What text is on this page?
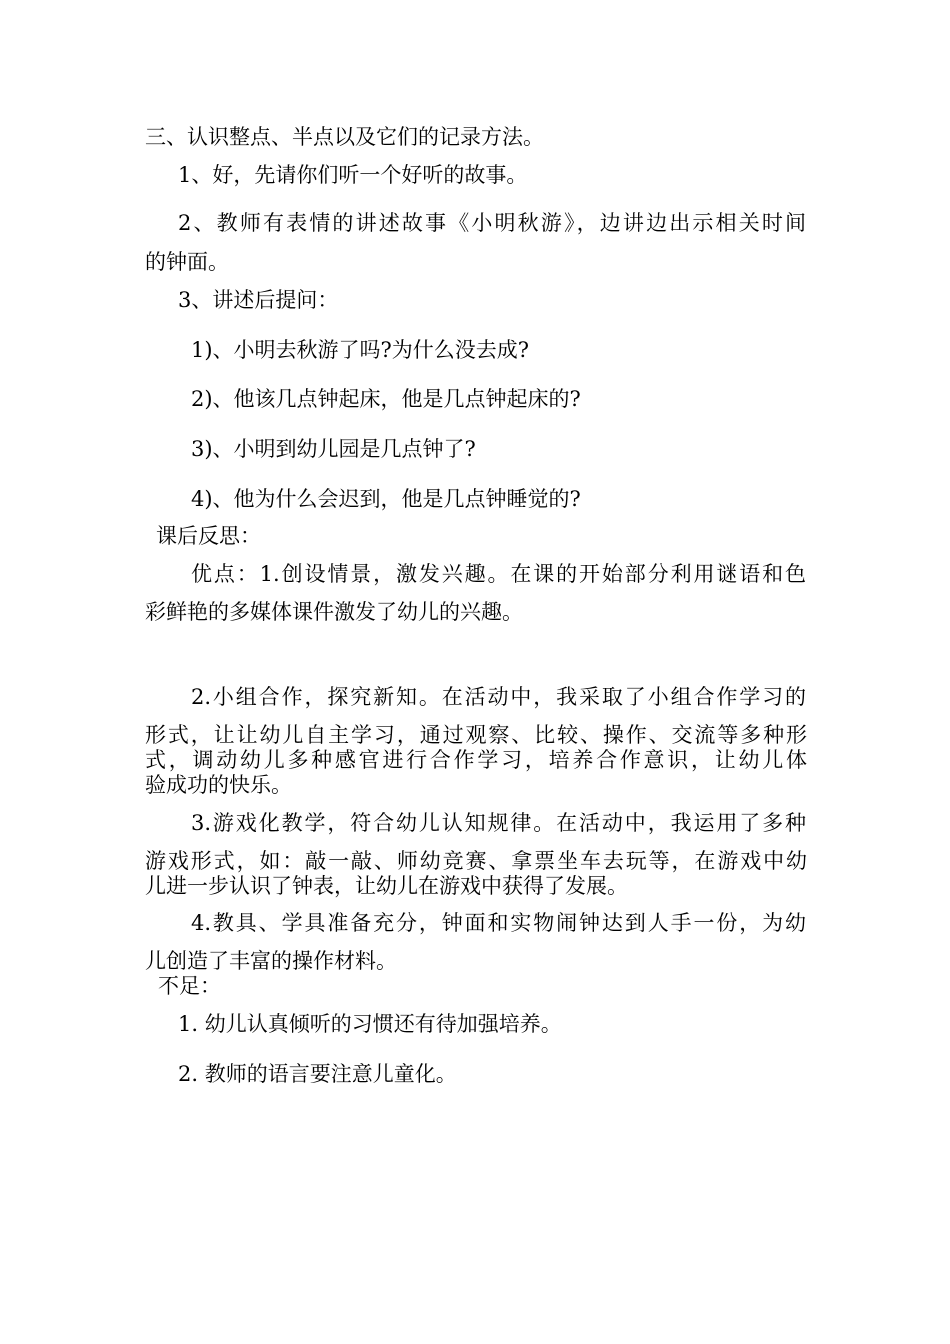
三、认识整点、半点以及它们的记录方法。

1、好，先请你们听一个好听的故事。

2、教师有表情的讲述故事《小明秋游》，边讲边出示相关时间

的钟面。

3、讲述后提问：

1)、小明去秋游了吗?为什么没去成?

2)、他该几点钟起床，他是几点钟起床的?

3)、小明到幼儿园是几点钟了?

4)、他为什么会迟到，他是几点钟睡觉的?

课后反思：

优点：1.创设情景，激发兴趣。在课的开始部分利用谜语和色

彩鲜艳的多媒体课件激发了幼儿的兴趣。

2.小组合作，探究新知。在活动中，我采取了小组合作学习的

形式，让让幼儿自主学习，通过观察、比较、操作、交流等多种形

式，调动幼儿多种感官进行合作学习，培养合作意识，让幼儿体

验成功的快乐。

3.游戏化教学，符合幼儿认知规律。在活动中，我运用了多种

游戏形式，如：敲一敲、师幼竞赛、拿票坐车去玩等，在游戏中幼

儿进一步认识了钟表，让幼儿在游戏中获得了发展。

4.教具、学具准备充分，钟面和实物闹钟达到人手一份，为幼

儿创造了丰富的操作材料。

不足：

1. 幼儿认真倾听的习惯还有待加强培养。

2. 教师的语言要注意儿童化。
